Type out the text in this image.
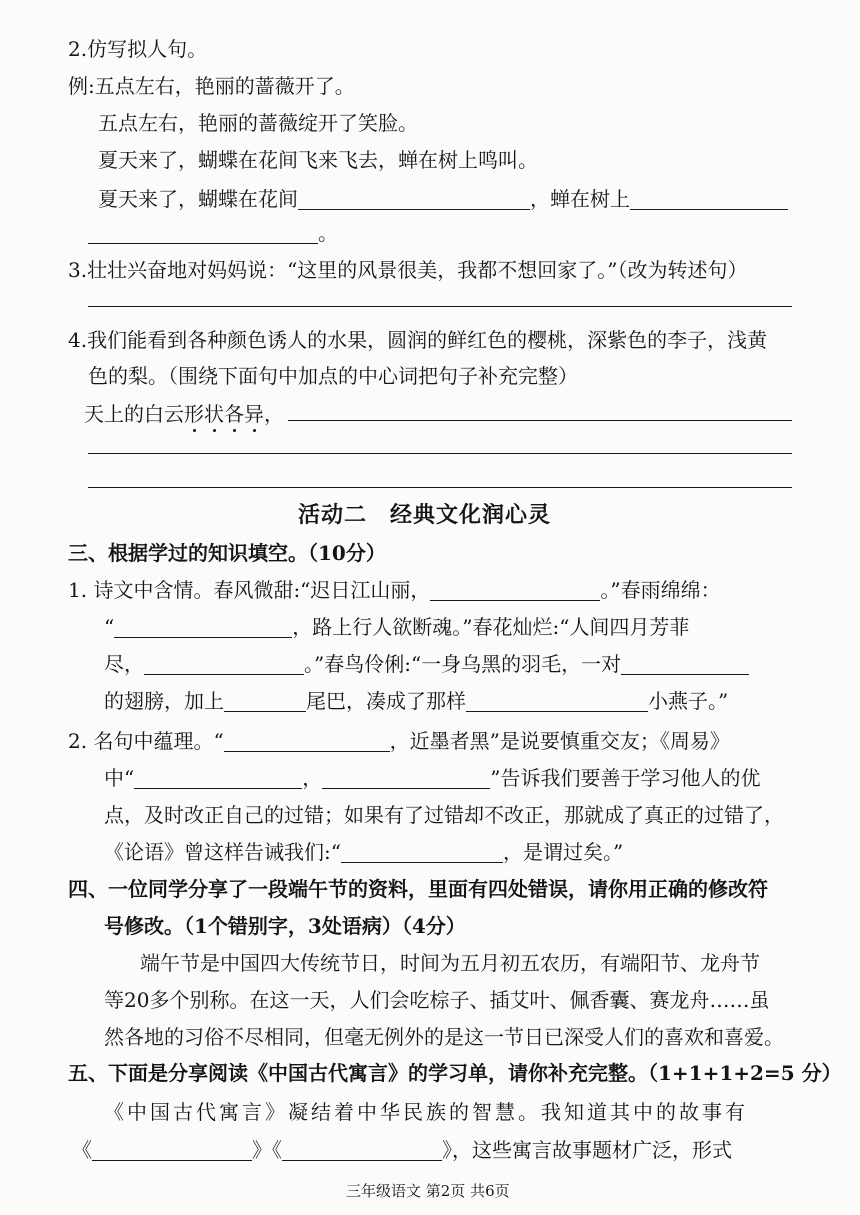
2.仿写拟人句。
例:五点左右，艳丽的蔷薇开了。
五点左右，艳丽的蔷薇绽开了笑脸。
夏天来了，蝴蝶在花间飞来飞去，蝉在树上鸣叫。
夏天来了，蝴蝶在花间	，蝉在树上
。
3.壮壮兴奋地对妈妈说：“这里的风景很美，我都不想回家了。”（改为转述句）
4.我们能看到各种颜色诱人的水果，圆润的鲜红色的樱桃，深紫色的李子，浅黄
色的梨。（围绕下面句中加点的中心词把句子补充完整）
天上的白云形状各异，
活动二　经典文化润心灵
三、根据学过的知识填空。（10分）
1. 诗文中含情。春风微甜:“迟日江山丽，	。”春雨绵绵：
“	，路上行人欲断魂。”春花灿烂:“人间四月芳菲
尽，	。”春鸟伶俐:“一身乌黑的羽毛，一对
的翅膀，加上	尾巴，凑成了那样	小燕子。”
2. 名句中蕴理。“	，近墨者黑”是说要慎重交友；《周易》
中“	，	”告诉我们要善于学习他人的优
点，及时改正自己的过错；如果有了过错却不改正，那就成了真正的过错了，
《论语》曾这样告诫我们:“	，是谓过矣。”
四、一位同学分享了一段端午节的资料，里面有四处错误，请你用正确的修改符
号修改。（1个错别字，3处语病）（4分）
端午节是中国四大传统节日，时间为五月初五农历，有端阳节、龙舟节
等20多个别称。在这一天，人们会吃棕子、插艾叶、佩香囊、赛龙舟……虽
然各地的习俗不尽相同，但毫无例外的是这一节日已深受人们的喜欢和喜爱。
五、下面是分享阅读《中国古代寓言》的学习单，请你补充完整。（1+1+1+2=5 分）
《中国古代寓言》凝结着中华民族的智慧。我知道其中的故事有
《	》《	》，这些寓言故事题材广泛，形式
三年级语文 第2页 共6页
